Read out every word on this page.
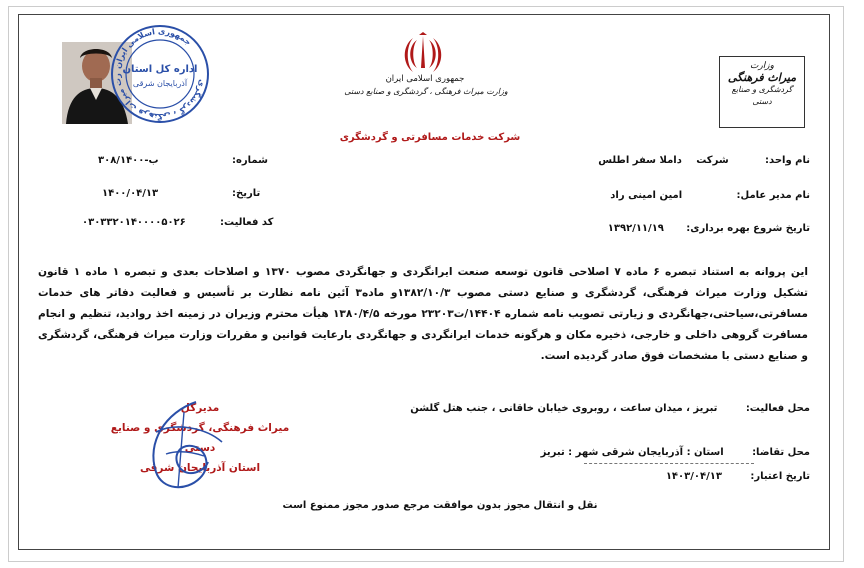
وزارت
میراث فرهنگی
گردشگری و صنایع دستی
جمهوری اسلامی ایران
وزارت میراث فرهنگی ، گردشگری و صنایع دستی
شرکت خدمات مسافرتی و گردشگری
جمهوری اسلامی ایران
رت میراث فرهنگی ، گردشگری
اداره کل استان
آذربایجان شرقی
نام واحد:  شرکت  داملا سفر اطلس
نام مدیر عامل:  امین امینی راد
تاریخ شروع بهره برداری:  ۱۳۹۲/۱۱/۱۹
شماره:
ب-۳۰۸/۱۴۰۰
تاریخ:
۱۴۰۰/۰۴/۱۳
کد فعالیت:
۰۳۰۳۳۲۰۱۴۰۰۰۰۵۰۲۶
این پروانه به استناد تبصره ۶ ماده ۷ اصلاحی قانون توسعه صنعت ایرانگردی و جهانگردی مصوب ۱۳۷۰ و اصلاحات بعدی و تبصره ۱ ماده ۱ قانون تشکیل وزارت میراث فرهنگی، گردشگری و صنایع دستی مصوب ۱۳۸۲/۱۰/۳و ماده۳ آئین نامه نظارت بر تأسیس و فعالیت دفاتر های خدمات مسافرتی،سیاحتی،جهانگردی و زیارتی تصویب نامه شماره ۱۴۴۰۴/ت۲۳۲۰۳ مورخه ۱۳۸۰/۴/۵ هیأت محترم وزیران در زمینه اخذ روادید، تنظیم و انجام مسافرت گروهی داخلی و خارجی، ذخیره مکان و هرگونه خدمات ایرانگردی و جهانگردی بارعایت قوانین و مقررات وزارت میراث فرهنگی، گردشگری و صنایع دستی با مشخصات فوق صادر گردیده است.
محل فعالیت:  تبریز ، میدان ساعت ، روبروی خیابان خاقانی ، جنب هتل گلشن
محل تقاضا:  استان : آذربایجان شرقی شهر : تبریز
تاریخ اعتبار:  ۱۴۰۳/۰۴/۱۳
مدیرکل
میراث فرهنگی، گردشگری و صنایع دستی
استان آذربایجان شرقی
نقل و انتقال مجوز بدون موافقت مرجع صدور مجوز ممنوع است
